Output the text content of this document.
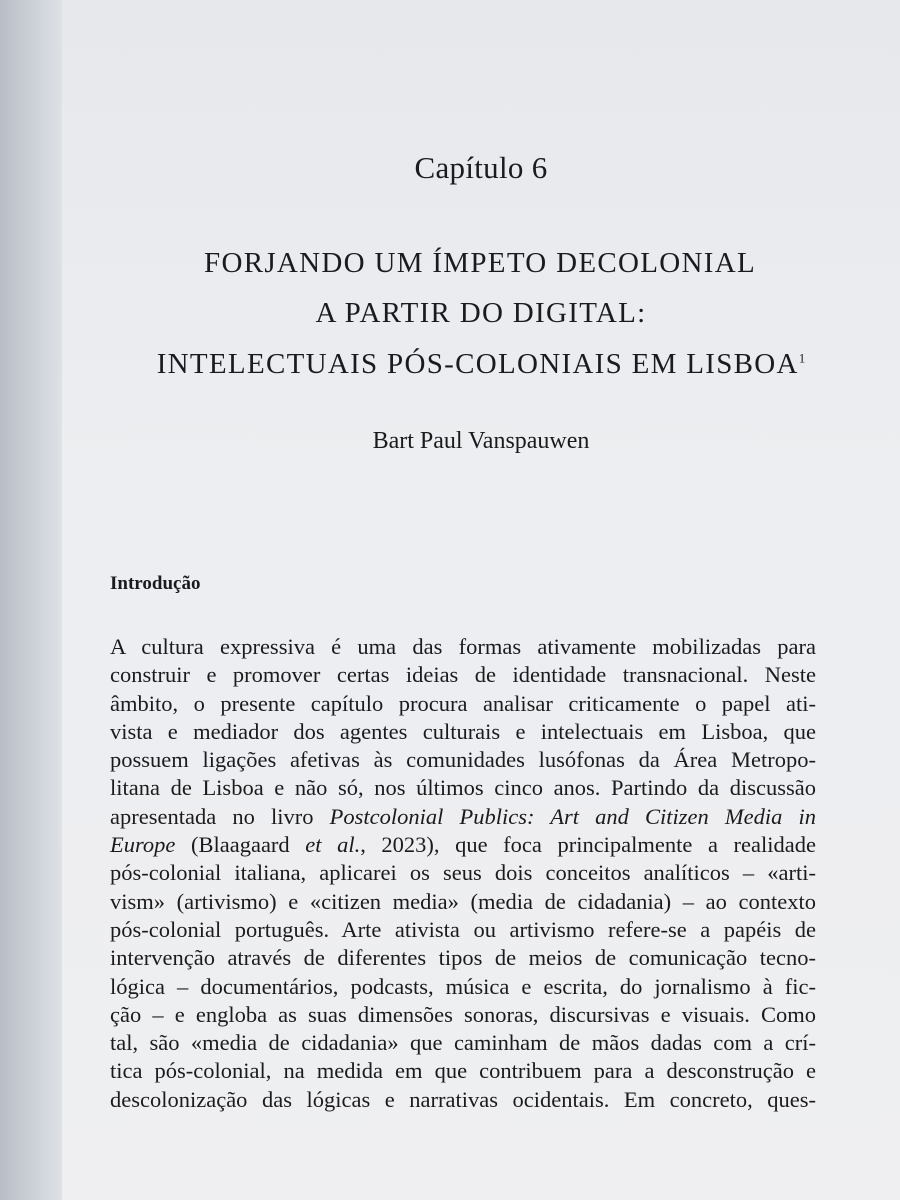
Capítulo 6
FORJANDO UM ÍMPETO DECOLONIAL
A PARTIR DO DIGITAL:
INTELECTUAIS PÓS-COLONIAIS EM LISBOA$^1$
Bart Paul Vanspauwen
Introdução
A cultura expressiva é uma das formas ativamente mobilizadas para
construir e promover certas ideias de identidade transnacional. Neste
âmbito, o presente capítulo procura analisar criticamente o papel ati-
vista e mediador dos agentes culturais e intelectuais em Lisboa, que
possuem ligações afetivas às comunidades lusófonas da Área Metropo-
litana de Lisboa e não só, nos últimos cinco anos. Partindo da discussão
apresentada no livro Postcolonial Publics: Art and Citizen Media in
Europe (Blaagaard et al., 2023), que foca principalmente a realidade
pós-colonial italiana, aplicarei os seus dois conceitos analíticos – «arti-
vism» (artivismo) e «citizen media» (media de cidadania) – ao contexto
pós-colonial português. Arte ativista ou artivismo refere-se a papéis de
intervenção através de diferentes tipos de meios de comunicação tecno-
lógica – documentários, podcasts, música e escrita, do jornalismo à fic-
ção – e engloba as suas dimensões sonoras, discursivas e visuais. Como
tal, são «media de cidadania» que caminham de mãos dadas com a crí-
tica pós-colonial, na medida em que contribuem para a desconstrução e
descolonização das lógicas e narrativas ocidentais. Em concreto, ques-
